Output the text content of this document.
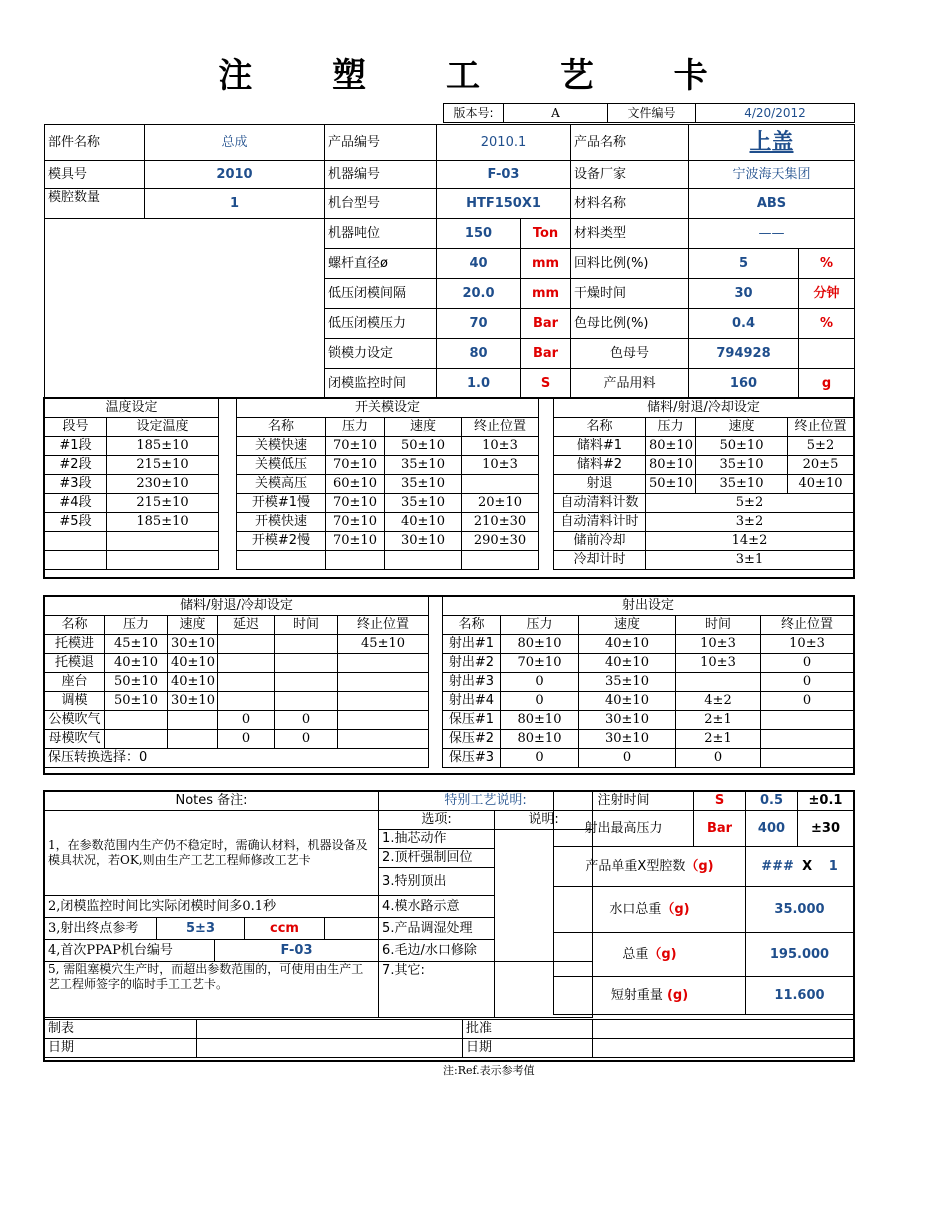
注 塑 工 艺 卡
版本号:	A	文件编号	4/20/2012
部件名称	总成	产品编号	2010.1		产品名称	上盖	
模具号	2010	机器编号	F-03		设备厂家	宁波海天集团	
模腔数量	1	机台型号	HTF150X1		材料名称	ABS	
		机器吨位	150	Ton	材料类型	——	
		螺杆直径ø	40	mm	回料比例(%)	5	%
		低压闭模间隔	20.0	mm	干燥时间	30	分钟
		低压闭模压力	70	Bar	色母比例(%)	0.4	%
		锁模力设定	80	Bar	色母号	794928	
		闭模监控时间	1.0	S	产品用料	160	g
温度设定	
段号	设定温度
#1段	185±10
#2段	215±10
#3段	230±10
#4段	215±10
#5段	185±10

开关模设定			
名称	压力	速度	终止位置
关模快速	70±10	50±10	10±3
关模低压	70±10	35±10	10±3
关模高压	60±10	35±10	
开模#1慢	70±10	35±10	20±10
开模快速	70±10	40±10	210±30
开模#2慢	70±10	30±10	290±30

储料/射退/冷却设定			
名称	压力	速度	终止位置
储料#1	80±10	50±10	5±2
储料#2	80±10	35±10	20±5
射退	50±10	35±10	40±10
自动清料计数	5±2		
自动清料计时	3±2		
储前冷却	14±2		
冷却计时	3±1		
储料/射退/冷却设定					
名称	压力	速度	延迟	时间	终止位置
托模进	45±10	30±10			45±10
托模退	40±10	40±10			
座台	50±10	40±10			
调模	50±10	30±10			
公模吹气			0	0	
母模吹气			0	0	
保压转换选择：0					
射出设定				
名称	压力	速度	时间	终止位置
射出#1	80±10	40±10	10±3	10±3
射出#2	70±10	40±10	10±3	0
射出#3	0	35±10		0
射出#4	0	40±10	4±2	0
保压#1	80±10	30±10	2±1	
保压#2	80±10	30±10	2±1	
保压#3	0	0	0	
Notes 备注:					特别工艺说明:	
1，在参数范围内生产仍不稳定时，需确认材料，机器设备及模具状况，若OK,则由生产工艺工程师修改工艺卡					选项:	说明:
					1.抽芯动作	
					2.顶杆强制回位	
					3.特别顶出	
2,闭模监控时间比实际闭模时间多0.1秒					4.模水路示意	
3,射出终点参考	5±3		ccm		5.产品调湿处理	
4,首次PPAP机台编号		F-03			6.毛边/水口修除	
5, 需阻塞模穴生产时，而超出参数范围的，可使用由生产工艺工程师签字的临时手工工艺卡。					7.其它:	
注射时间	S	0.5	±0.1
射出最高压力	Bar	400	±30
产品单重X型腔数（g)		### X 1	
水口总重（g)		35.000	
总重（g)		195.000	
短射重量 (g)		11.600	
制表		批准	
日期		日期	
注:Ref.表示参考值
